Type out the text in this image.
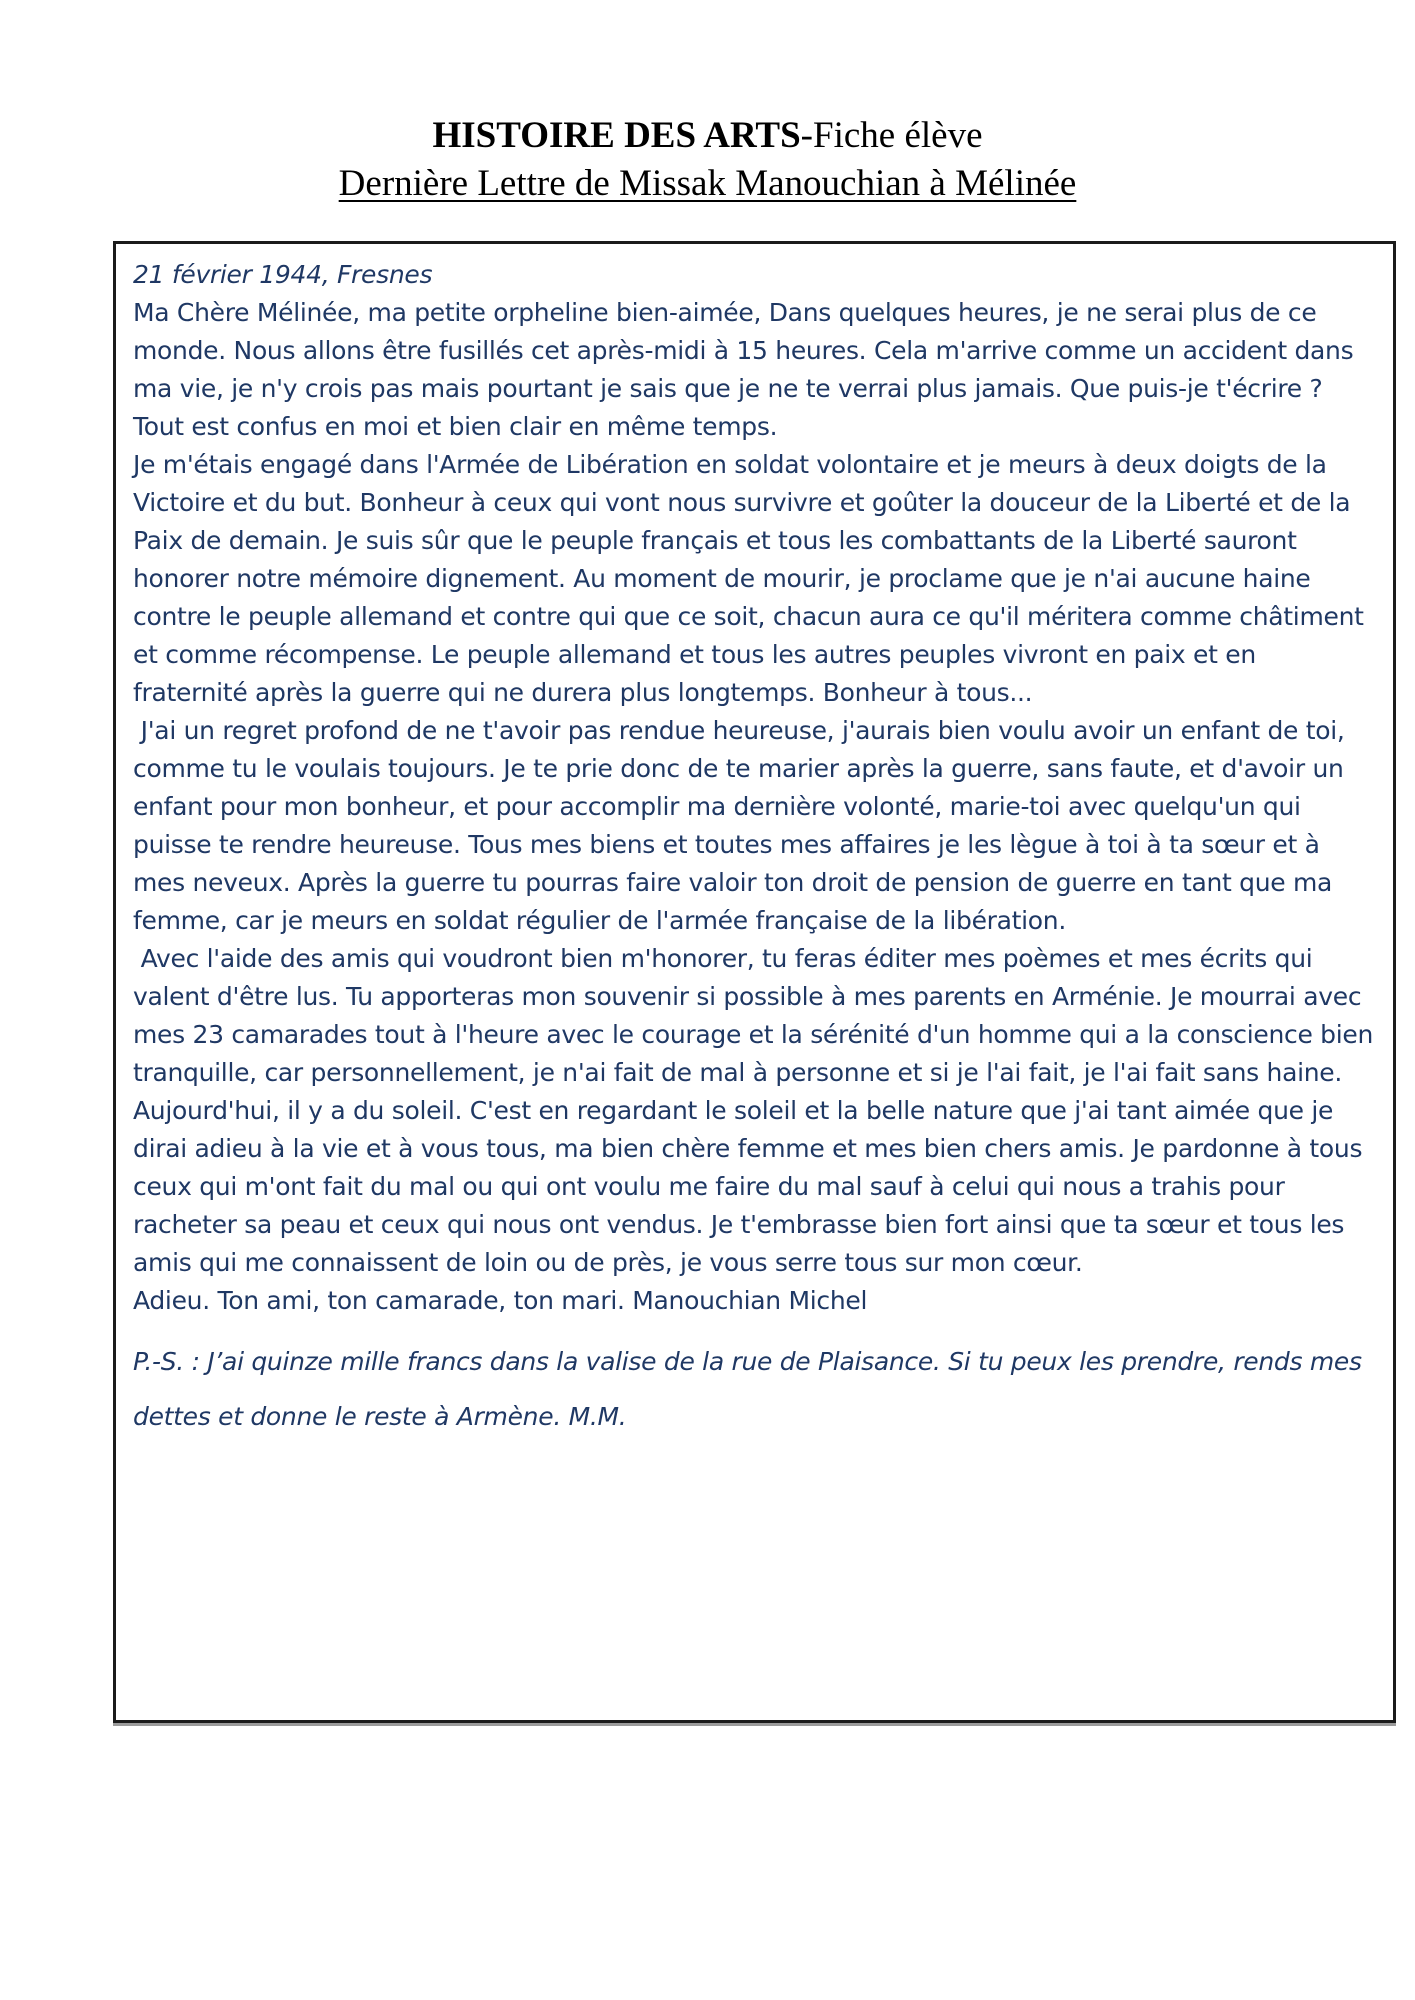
HISTOIRE DES ARTS-Fiche élève
Dernière Lettre de Missak Manouchian à Mélinée

21 février 1944, Fresnes

Ma Chère Mélinée, ma petite orpheline bien-aimée, Dans quelques heures, je ne serai plus de ce monde. Nous allons être fusillés cet après-midi à 15 heures. Cela m'arrive comme un accident dans ma vie, je n'y crois pas mais pourtant je sais que je ne te verrai plus jamais. Que puis-je t'écrire ? Tout est confus en moi et bien clair en même temps.

Je m'étais engagé dans l'Armée de Libération en soldat volontaire et je meurs à deux doigts de la Victoire et du but. Bonheur à ceux qui vont nous survivre et goûter la douceur de la Liberté et de la Paix de demain. Je suis sûr que le peuple français et tous les combattants de la Liberté sauront honorer notre mémoire dignement. Au moment de mourir, je proclame que je n'ai aucune haine contre le peuple allemand et contre qui que ce soit, chacun aura ce qu'il méritera comme châtiment et comme récompense. Le peuple allemand et tous les autres peuples vivront en paix et en fraternité après la guerre qui ne durera plus longtemps. Bonheur à tous...

J'ai un regret profond de ne t'avoir pas rendue heureuse, j'aurais bien voulu avoir un enfant de toi, comme tu le voulais toujours. Je te prie donc de te marier après la guerre, sans faute, et d'avoir un enfant pour mon bonheur, et pour accomplir ma dernière volonté, marie-toi avec quelqu'un qui puisse te rendre heureuse. Tous mes biens et toutes mes affaires je les lègue à toi à ta sœur et à mes neveux. Après la guerre tu pourras faire valoir ton droit de pension de guerre en tant que ma femme, car je meurs en soldat régulier de l'armée française de la libération.

Avec l'aide des amis qui voudront bien m'honorer, tu feras éditer mes poèmes et mes écrits qui valent d'être lus. Tu apporteras mon souvenir si possible à mes parents en Arménie. Je mourrai avec mes 23 camarades tout à l'heure avec le courage et la sérénité d'un homme qui a la conscience bien tranquille, car personnellement, je n'ai fait de mal à personne et si je l'ai fait, je l'ai fait sans haine. Aujourd'hui, il y a du soleil. C'est en regardant le soleil et la belle nature que j'ai tant aimée que je dirai adieu à la vie et à vous tous, ma bien chère femme et mes bien chers amis. Je pardonne à tous ceux qui m'ont fait du mal ou qui ont voulu me faire du mal sauf à celui qui nous a trahis pour racheter sa peau et ceux qui nous ont vendus. Je t'embrasse bien fort ainsi que ta sœur et tous les amis qui me connaissent de loin ou de près, je vous serre tous sur mon cœur.

Adieu. Ton ami, ton camarade, ton mari. Manouchian Michel

P.-S. : J’ai quinze mille francs dans la valise de la rue de Plaisance. Si tu peux les prendre, rends mes dettes et donne le reste à Armène. M.M.
